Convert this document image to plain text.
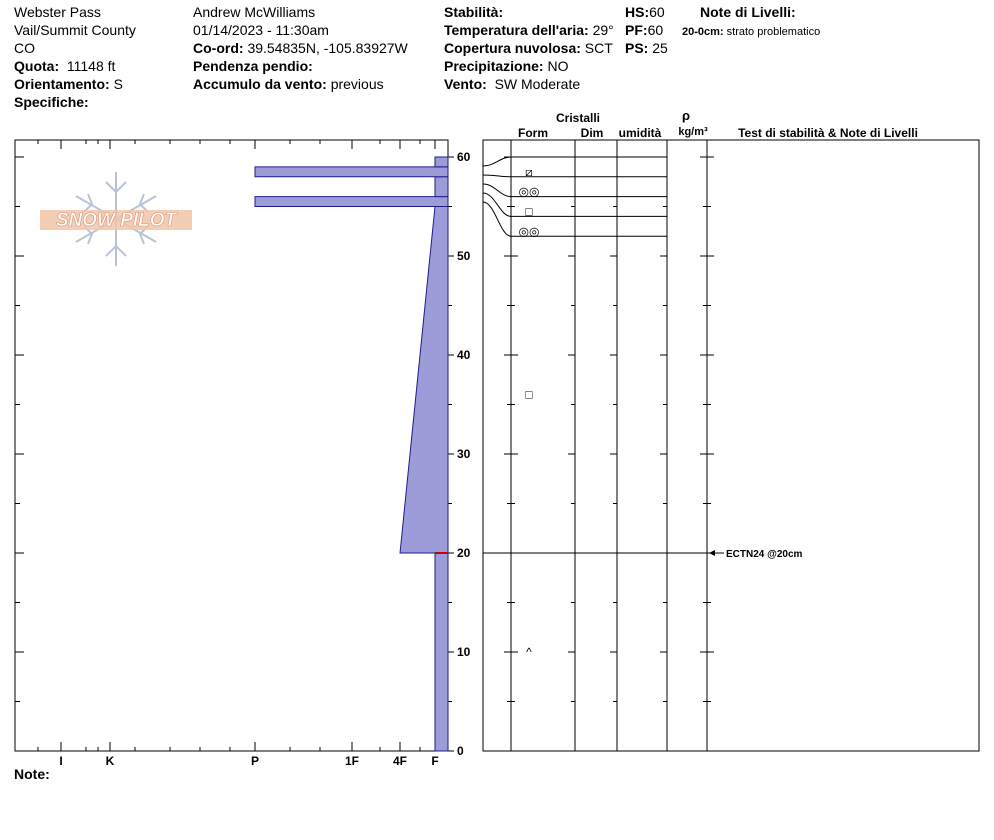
Webster Pass
Vail/Summit County
CO
Quota: 11148 ft
Orientamento: S
Specifiche:
Andrew McWilliams
01/14/2023 - 11:30am
Co-ord: 39.54835N, -105.83927W
Pendenza pendio:
Accumulo da vento: previous
Stabilità:
Temperatura dell'aria: 29°
Copertura nuvolosa: SCT
Precipitazione: NO
Vento: SW Moderate
HS:60
PF:60
PS: 25
Note di Livelli:
20-0cm: strato problematico
Note:
SNOW PILOT
I	K	P	1F	4F F
0
10
20
30
40
50
60
Cristalli
Form	Dim umidità
ρ
kg/m³	Test di stabilità & Note di Livelli
⧄
◎◎
□
◎◎
□
^
ECTN24 @20cm
